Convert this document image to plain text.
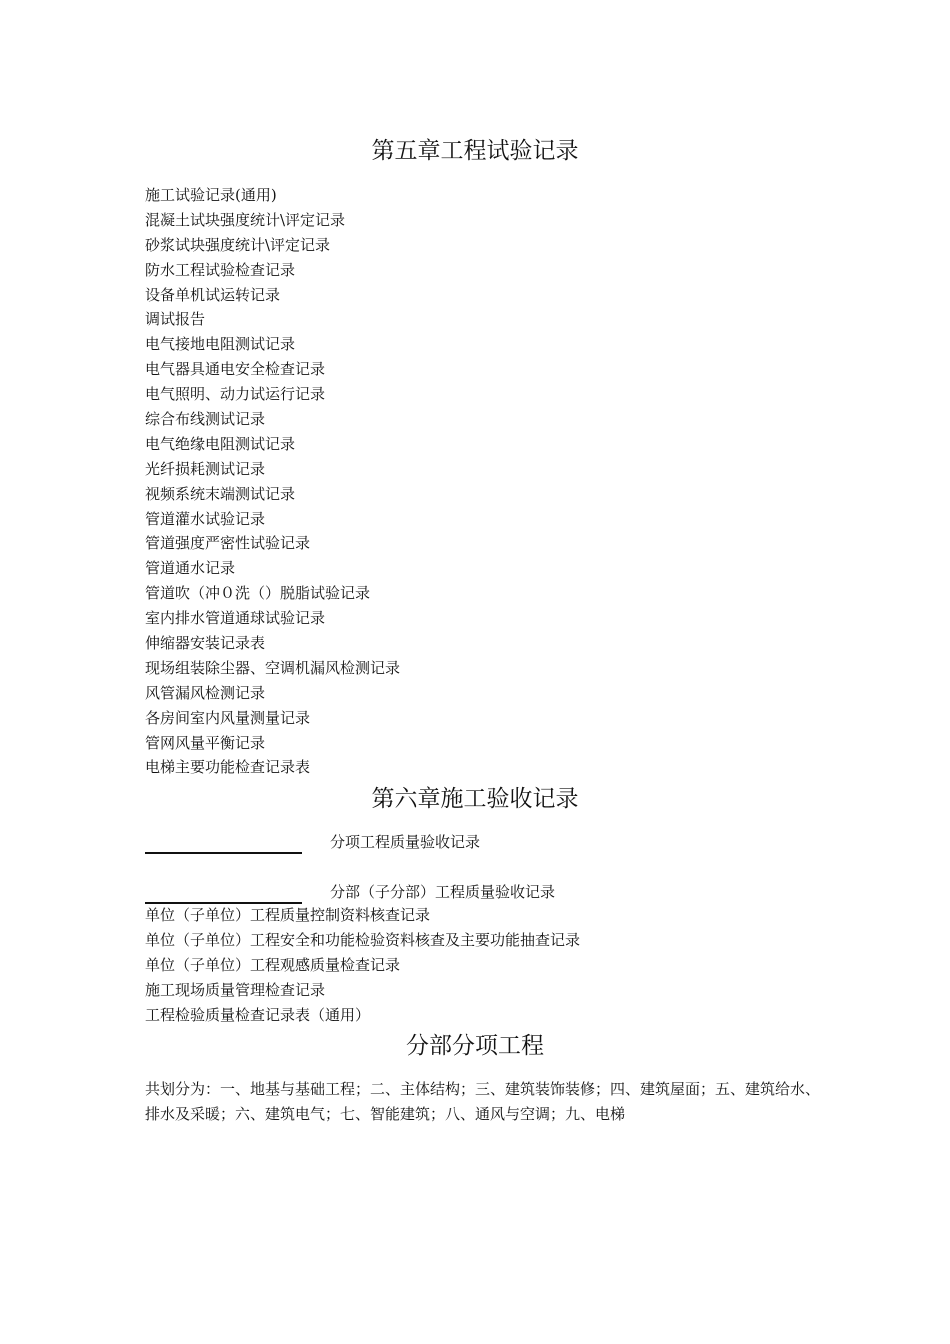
第五章工程试验记录
施工试验记录(通用)
混凝土试块强度统计\评定记录
砂浆试块强度统计\评定记录
防水工程试验检查记录
设备单机试运转记录
调试报告
电气接地电阻测试记录
电气器具通电安全检查记录
电气照明、动力试运行记录
综合布线测试记录
电气绝缘电阻测试记录
光纤损耗测试记录
视频系统末端测试记录
管道灌水试验记录
管道强度严密性试验记录
管道通水记录
管道吹（冲０洗（）脱脂试验记录
室内排水管道通球试验记录
伸缩器安装记录表
现场组装除尘器、空调机漏风检测记录
风管漏风检测记录
各房间室内风量测量记录
管网风量平衡记录
电梯主要功能检查记录表
第六章施工验收记录
分项工程质量验收记录
分部（子分部）工程质量验收记录
单位（子单位）工程质量控制资料核查记录
单位（子单位）工程安全和功能检验资料核查及主要功能抽查记录
单位（子单位）工程观感质量检查记录
施工现场质量管理检查记录
工程检验质量检查记录表（通用）
分部分项工程

共划分为：一、地基与基础工程；二、主体结构；三、建筑装饰装修；四、建筑屋面；五、建筑给水、排水及采暖；六、建筑电气；七、智能建筑；八、通风与空调；九、电梯
